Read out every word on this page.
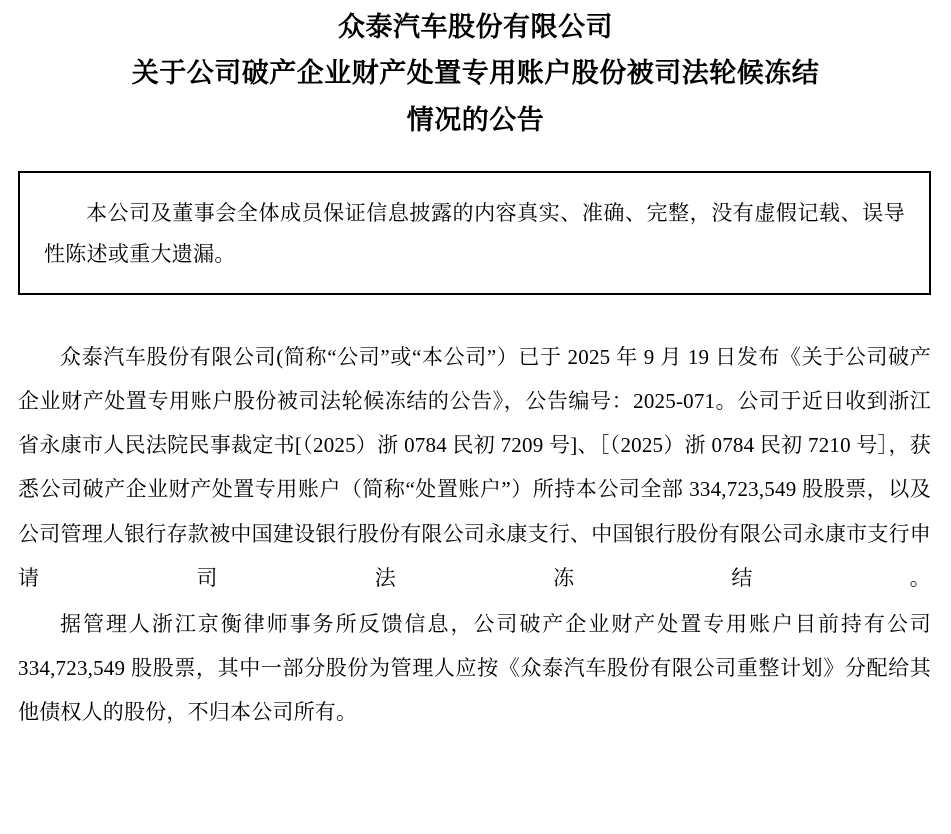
众泰汽车股份有限公司
关于公司破产企业财产处置专用账户股份被司法轮候冻结
情况的公告
本公司及董事会全体成员保证信息披露的内容真实、准确、完整，没有虚假记载、误导性陈述或重大遗漏。

众泰汽车股份有限公司(简称“公司”或“本公司”）已于 2025 年 9 月 19 日发布《关于公司破产企业财产处置专用账户股份被司法轮候冻结的公告》，公告编号：2025-071。公司于近日收到浙江省永康市人民法院民事裁定书[（2025）浙 0784 民初 7209 号]、［（2025）浙 0784 民初 7210 号］，获悉公司破产企业财产处置专用账户（简称“处置账户”）所持本公司全部 334,723,549 股股票，以及公司管理人银行存款被中国建设银行股份有限公司永康支行、中国银行股份有限公司永康市支行申请司法冻结。

据管理人浙江京衡律师事务所反馈信息，公司破产企业财产处置专用账户目前持有公司 334,723,549 股股票，其中一部分股份为管理人应按《众泰汽车股份有限公司重整计划》分配给其他债权人的股份，不归本公司所有。
